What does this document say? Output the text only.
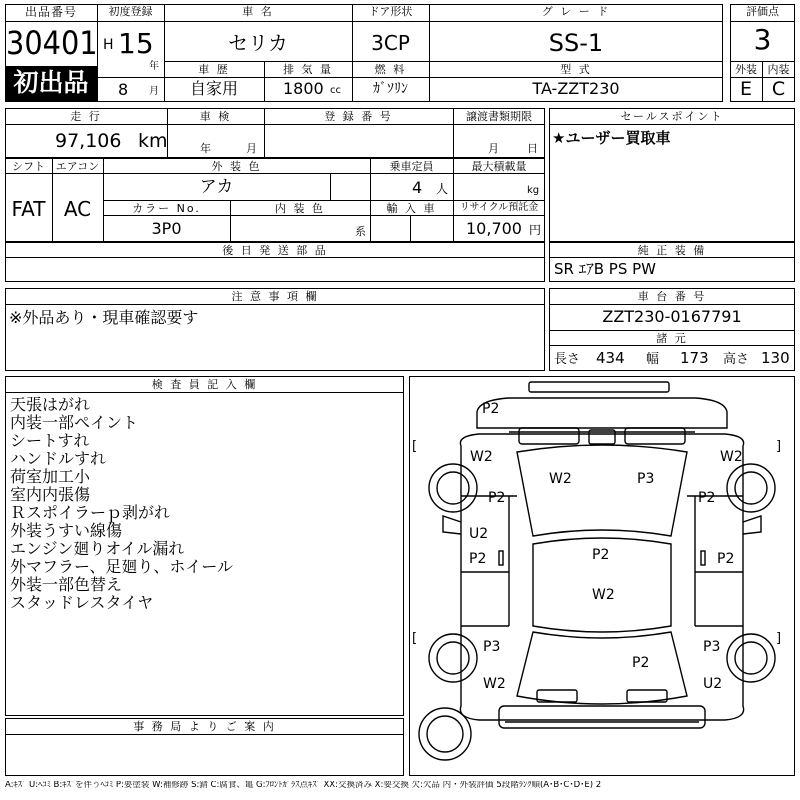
出品番号
30401
初出品
初度登録
H 15
年
8 月
車 名
セリカ
ドア形状
3CP
グ レ ー ド
SS-1
車 歴
自家用
排 気 量
1800 cc
燃 料
ｶﾞｿﾘﾝ
型 式
TA-ZZT230
評価点
3
外装 内装
E	C
走 行
97,106 km
車 検
年	月
登 録 番 号	譲渡書類期限
月	日
シフト
FAT
エアコン
AC
外 装 色
アカ
乗車定員
4 人
最大積載量
kg
カラー No.
3P0
内 装 色
系
輸 入 車	リサイクル預託金
10,700 円
後 日 発 送 部 品
セールスポイント
★ユーザー買取車
純 正 装 備
SR ｴｱB PS PW
注 意 事 項 欄
※外品あり・現車確認要す
車 台 番 号
ZZT230-0167791
諸 元
長さ 434 幅 173 高さ 130
検 査 員 記 入 欄
天張はがれ
内装一部ペイント
シートすれ
ハンドルすれ
荷室加工小
室内内張傷
Ｒスポイラーｐ剥がれ
外装うすい線傷
エンジン廻りオイル漏れ
外マフラー、足廻り、ホイール
外装一部色替え
スタッドレスタイヤ
事 務 局 よ り ご 案 内
[	]
[	]
P2
W2	W2
W2	P3
P2	P2
U2
P2	P2
P2
W2
P3	P3
P2
W2	U2
A:ｷｽﾞ U:ﾍｺﾐ B:ｷｽﾞを伴うﾍｺﾐ P:要塗装 W:補修跡 S:錆 C:腐食、亀 G:ﾌﾛﾝﾄｶﾞﾗｽ点ｷｽﾞ XX:交換済み X:要交換 欠:欠品 内・外装評価 5段階ﾗﾝｸ順(A･B･C･D･E) 2
